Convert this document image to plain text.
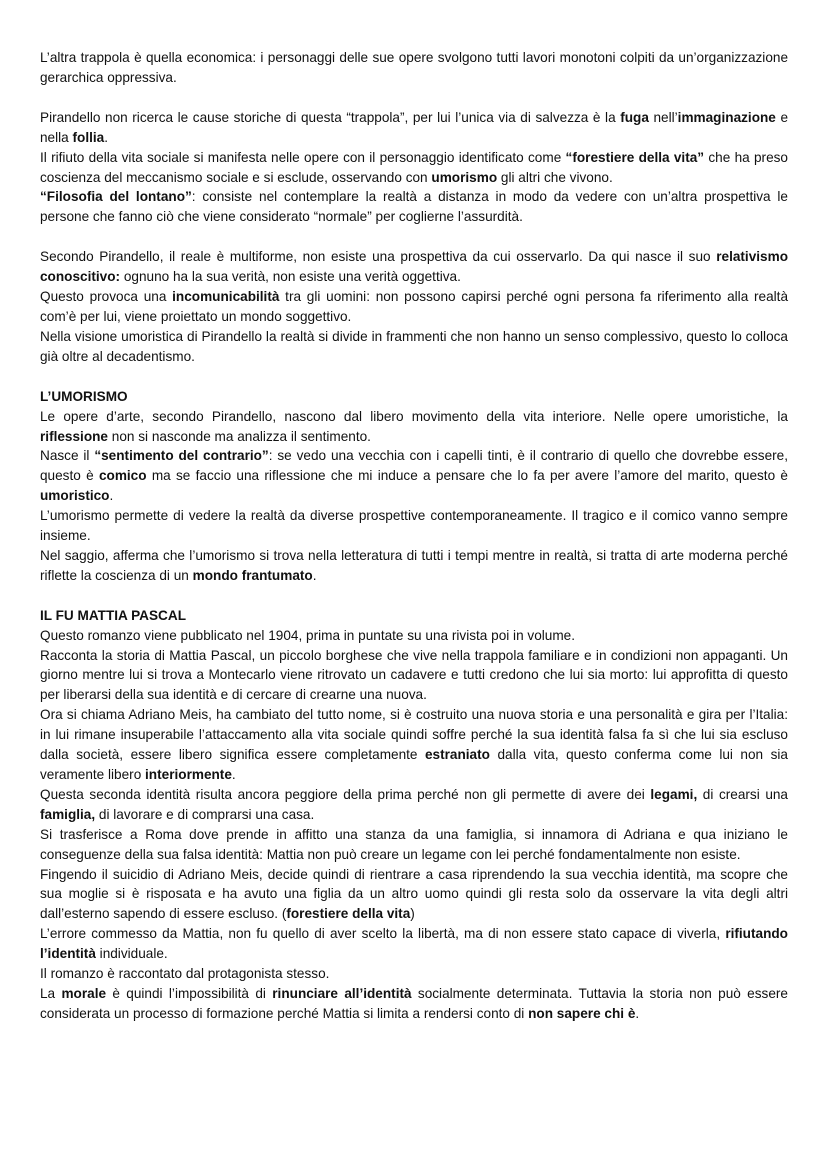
L’altra trappola è quella economica: i personaggi delle sue opere svolgono tutti lavori monotoni colpiti da un’organizzazione gerarchica oppressiva.

Pirandello non ricerca le cause storiche di questa “trappola”, per lui l’unica via di salvezza è la fuga nell’immaginazione e nella follia.

Il rifiuto della vita sociale si manifesta nelle opere con il personaggio identificato come “forestiere della vita” che ha preso coscienza del meccanismo sociale e si esclude, osservando con umorismo gli altri che vivono.

“Filosofia del lontano”: consiste nel contemplare la realtà a distanza in modo da vedere con un’altra prospettiva le persone che fanno ciò che viene considerato “normale” per coglierne l’assurdità.

Secondo Pirandello, il reale è multiforme, non esiste una prospettiva da cui osservarlo. Da qui nasce il suo relativismo conoscitivo: ognuno ha la sua verità, non esiste una verità oggettiva.

Questo provoca una incomunicabilità tra gli uomini: non possono capirsi perché ogni persona fa riferimento alla realtà com’è per lui, viene proiettato un mondo soggettivo.

Nella visione umoristica di Pirandello la realtà si divide in frammenti che non hanno un senso complessivo, questo lo colloca già oltre al decadentismo.

L’UMORISMO

Le opere d’arte, secondo Pirandello, nascono dal libero movimento della vita interiore. Nelle opere umoristiche, la riflessione non si nasconde ma analizza il sentimento.

Nasce il “sentimento del contrario”: se vedo una vecchia con i capelli tinti, è il contrario di quello che dovrebbe essere, questo è comico ma se faccio una riflessione che mi induce a pensare che lo fa per avere l’amore del marito, questo è umoristico.

L’umorismo permette di vedere la realtà da diverse prospettive contemporaneamente. Il tragico e il comico vanno sempre insieme.

Nel saggio, afferma che l’umorismo si trova nella letteratura di tutti i tempi mentre in realtà, si tratta di arte moderna perché riflette la coscienza di un mondo frantumato.

IL FU MATTIA PASCAL

Questo romanzo viene pubblicato nel 1904, prima in puntate su una rivista poi in volume.

Racconta la storia di Mattia Pascal, un piccolo borghese che vive nella trappola familiare e in condizioni non appaganti. Un giorno mentre lui si trova a Montecarlo viene ritrovato un cadavere e tutti credono che lui sia morto: lui approfitta di questo per liberarsi della sua identità e di cercare di crearne una nuova.

Ora si chiama Adriano Meis, ha cambiato del tutto nome, si è costruito una nuova storia e una personalità e gira per l’Italia: in lui rimane insuperabile l’attaccamento alla vita sociale quindi soffre perché la sua identità falsa fa sì che lui sia escluso dalla società, essere libero significa essere completamente estraniato dalla vita, questo conferma come lui non sia veramente libero interiormente.

Questa seconda identità risulta ancora peggiore della prima perché non gli permette di avere dei legami, di crearsi una famiglia, di lavorare e di comprarsi una casa.

Si trasferisce a Roma dove prende in affitto una stanza da una famiglia, si innamora di Adriana e qua iniziano le conseguenze della sua falsa identità: Mattia non può creare un legame con lei perché fondamentalmente non esiste.

Fingendo il suicidio di Adriano Meis, decide quindi di rientrare a casa riprendendo la sua vecchia identità, ma scopre che sua moglie si è risposata e ha avuto una figlia da un altro uomo quindi gli resta solo da osservare la vita degli altri dall’esterno sapendo di essere escluso. (forestiere della vita)

L’errore commesso da Mattia, non fu quello di aver scelto la libertà, ma di non essere stato capace di viverla, rifiutando l’identità individuale.

Il romanzo è raccontato dal protagonista stesso.

La morale è quindi l’impossibilità di rinunciare all’identità socialmente determinata. Tuttavia la storia non può essere considerata un processo di formazione perché Mattia si limita a rendersi conto di non sapere chi è.
